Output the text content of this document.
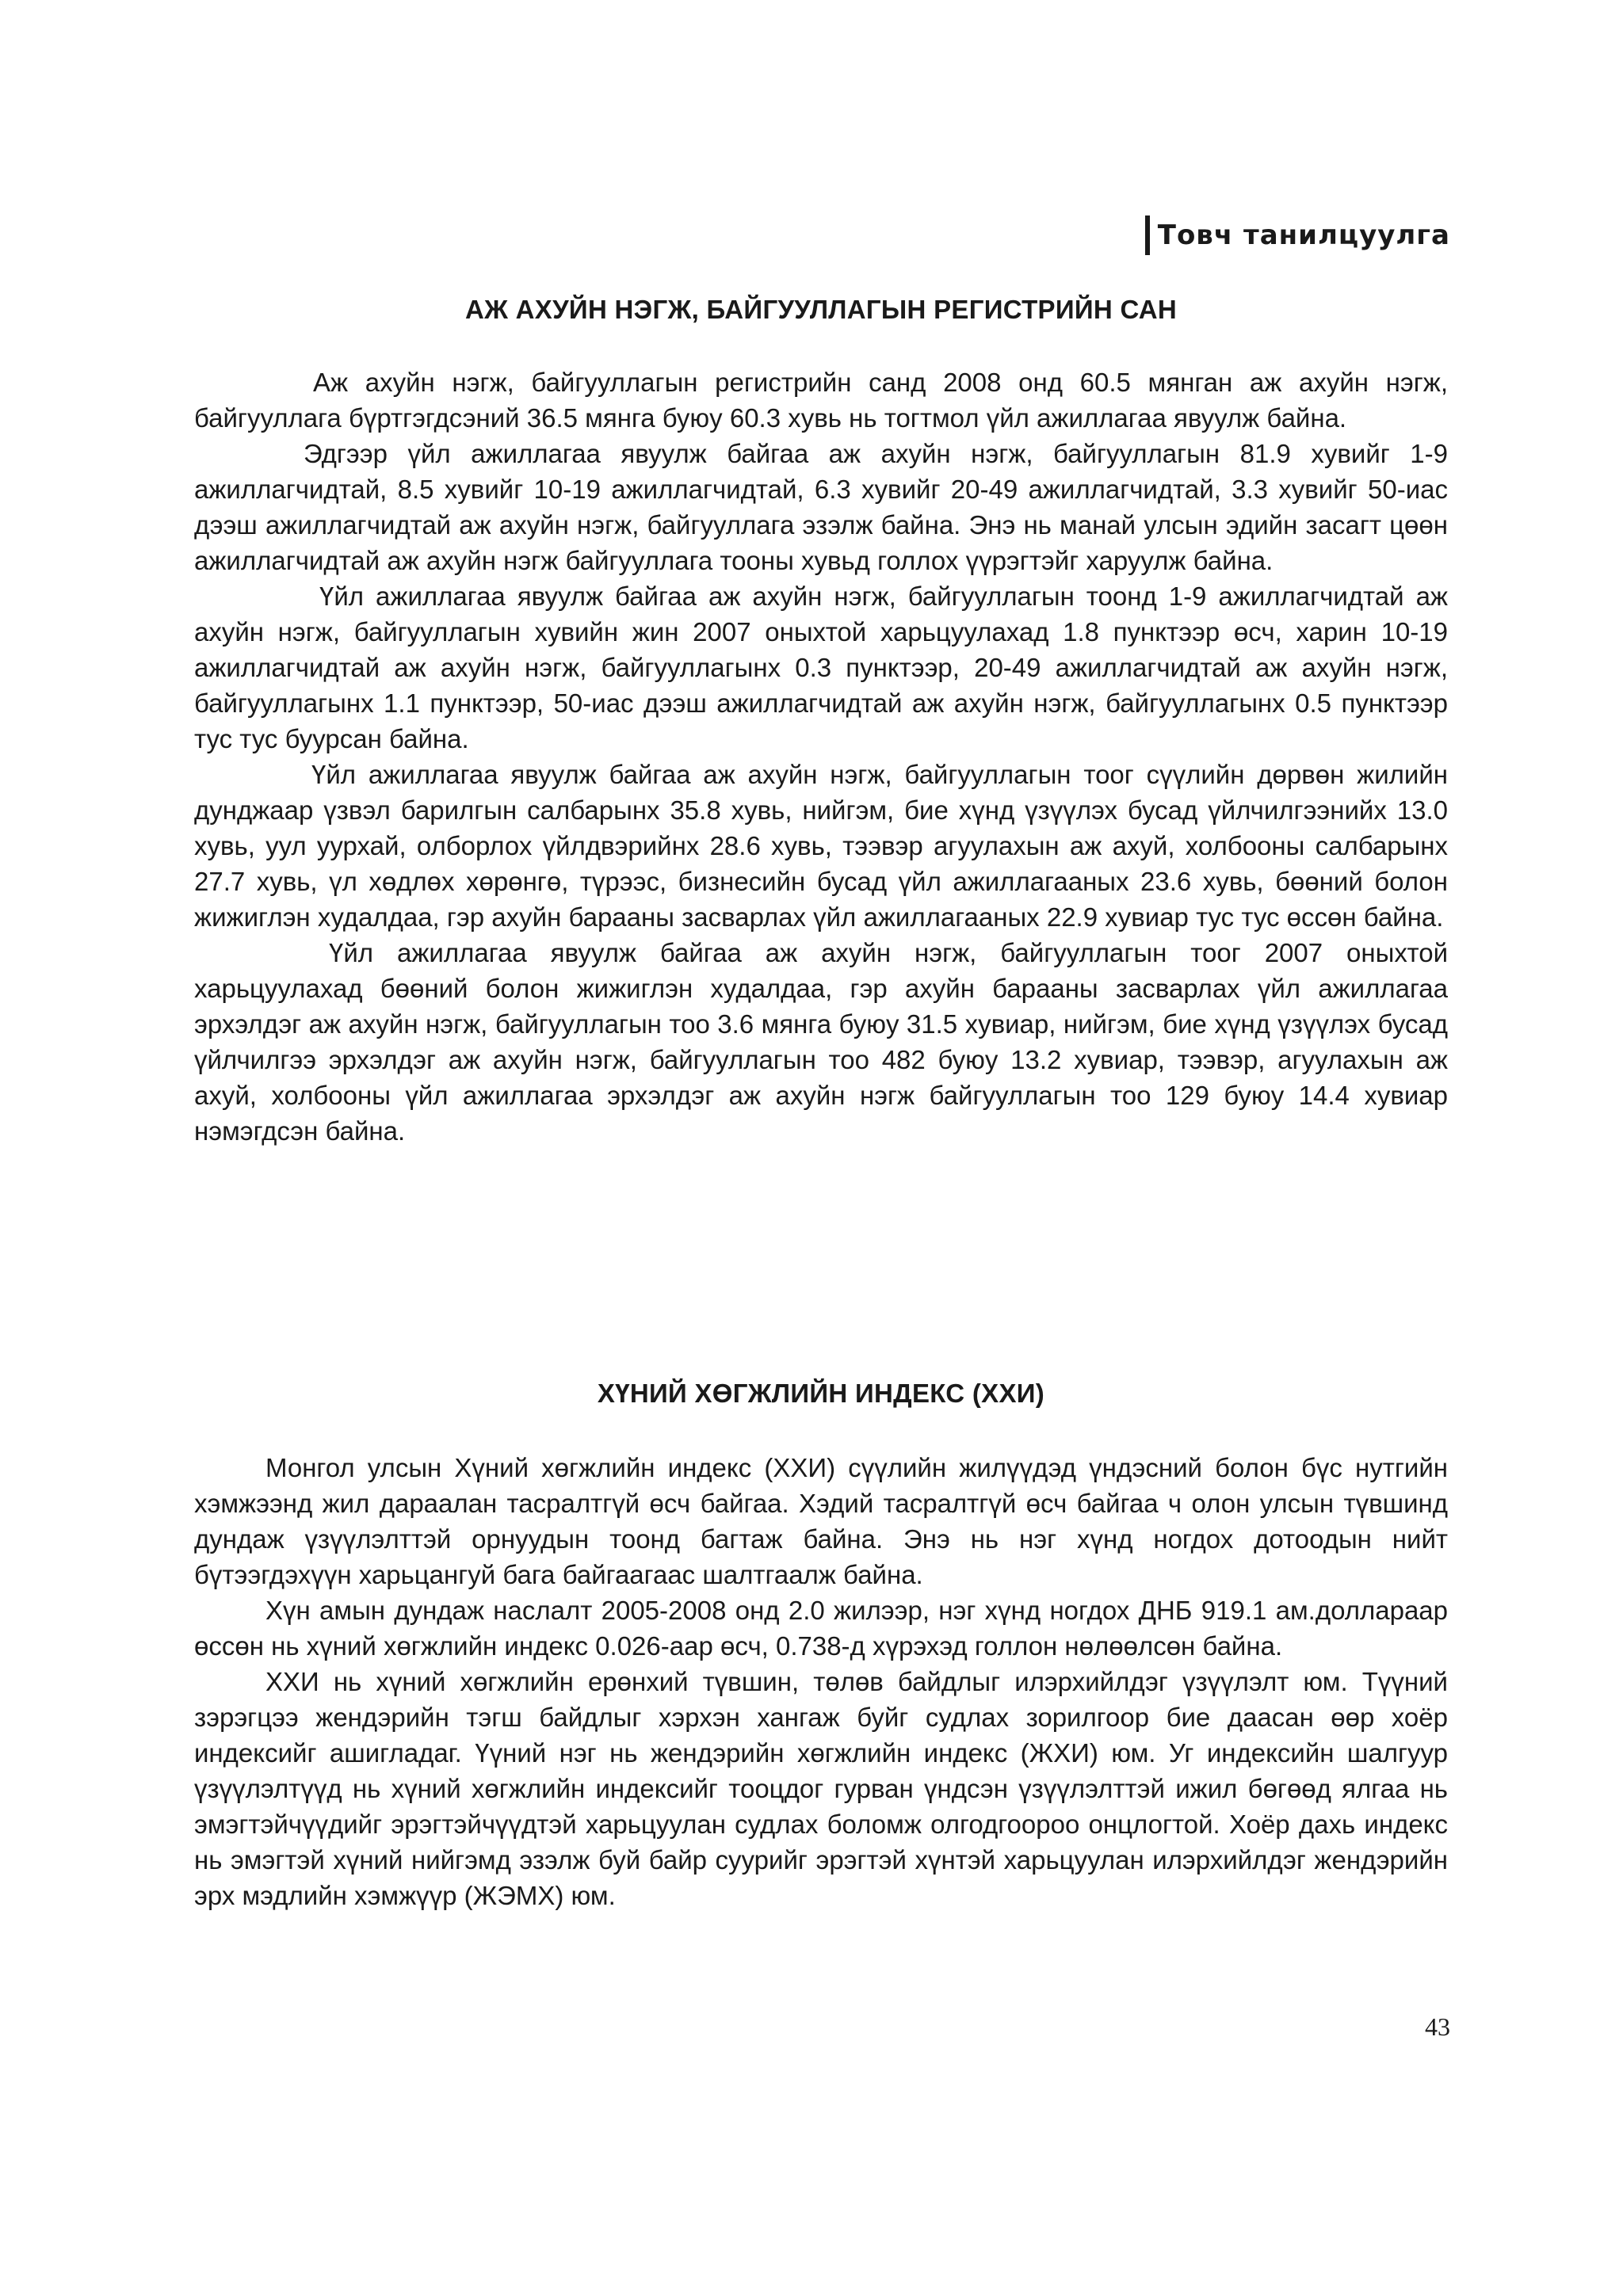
Товч танилцуулга
АЖ АХУЙН НЭГЖ, БАЙГУУЛЛАГЫН РЕГИСТРИЙН САН

Аж ахуйн нэгж, байгууллагын регистрийн санд 2008 онд 60.5 мянган аж ахуйн нэгж, байгууллага бүртгэгдсэний 36.5 мянга буюу 60.3 хувь нь тогтмол үйл ажиллагаа явуулж байна.

Эдгээр үйл ажиллагаа явуулж байгаа аж ахуйн нэгж, байгууллагын 81.9 хувийг 1-9 ажиллагчидтай, 8.5 хувийг 10-19 ажиллагчидтай, 6.3 хувийг 20-49 ажиллагчидтай, 3.3 хувийг 50-иас дээш ажиллагчидтай аж ахуйн нэгж, байгууллага эзэлж байна. Энэ нь манай улсын эдийн засагт цөөн ажиллагчидтай аж ахуйн нэгж байгууллага тооны хувьд голлох үүрэгтэйг харуулж байна.

Үйл ажиллагаа явуулж байгаа аж ахуйн нэгж, байгууллагын тоонд 1-9 ажиллагчидтай аж ахуйн нэгж, байгууллагын хувийн жин 2007 оныхтой харьцуулахад 1.8 пунктээр өсч, харин 10-19 ажиллагчидтай аж ахуйн нэгж, байгууллагынх 0.3 пунктээр, 20-49 ажиллагчидтай аж ахуйн нэгж, байгууллагынх 1.1 пунктээр, 50-иас дээш ажиллагчидтай аж ахуйн нэгж, байгууллагынх 0.5 пунктээр тус тус буурсан байна.

Үйл ажиллагаа явуулж байгаа аж ахуйн нэгж, байгууллагын тоог сүүлийн дөрвөн жилийн дунджаар үзвэл барилгын салбарынх 35.8 хувь, нийгэм, бие хүнд үзүүлэх бусад үйлчилгээнийх 13.0 хувь, уул уурхай, олборлох үйлдвэрийнх 28.6 хувь, тээвэр агуулахын аж ахуй, холбооны салбарынх 27.7 хувь, үл хөдлөх хөрөнгө, түрээс, бизнесийн бусад үйл ажиллагааных 23.6 хувь, бөөний болон жижиглэн худалдаа, гэр ахуйн барааны засварлах үйл ажиллагааных 22.9 хувиар тус тус өссөн байна.

Үйл ажиллагаа явуулж байгаа аж ахуйн нэгж, байгууллагын тоог 2007 оныхтой харьцуулахад бөөний болон жижиглэн худалдаа, гэр ахуйн барааны засварлах үйл ажиллагаа эрхэлдэг аж ахуйн нэгж, байгууллагын тоо 3.6 мянга буюу 31.5 хувиар, нийгэм, бие хүнд үзүүлэх бусад үйлчилгээ эрхэлдэг аж ахуйн нэгж, байгууллагын тоо 482 буюу 13.2 хувиар, тээвэр, агуулахын аж ахуй, холбооны үйл ажиллагаа эрхэлдэг аж ахуйн нэгж байгууллагын тоо 129 буюу 14.4 хувиар нэмэгдсэн байна.

ХҮНИЙ ХӨГЖЛИЙН ИНДЕКС (ХХИ)

Монгол улсын Хүний хөгжлийн индекс (ХХИ) сүүлийн жилүүдэд үндэсний болон бүс нутгийн хэмжээнд жил дараалан тасралтгүй өсч байгаа. Хэдий тасралтгүй өсч байгаа ч олон улсын түвшинд дундаж үзүүлэлттэй орнуудын тоонд багтаж байна. Энэ нь нэг хүнд ногдох дотоодын нийт бүтээгдэхүүн харьцангуй бага байгаагаас шалтгаалж байна.

Хүн амын дундаж наслалт 2005-2008 онд 2.0 жилээр, нэг хүнд ногдох ДНБ 919.1 ам.доллараар өссөн нь хүний хөгжлийн индекс 0.026-аар өсч, 0.738-д хүрэхэд голлон нөлөөлсөн байна.

ХХИ нь хүний хөгжлийн ерөнхий түвшин, төлөв байдлыг илэрхийлдэг үзүүлэлт юм. Түүний зэрэгцээ жендэрийн тэгш байдлыг хэрхэн хангаж буйг судлах зорилгоор бие даасан өөр хоёр индексийг ашигладаг. Үүний нэг нь жендэрийн хөгжлийн индекс (ЖХИ) юм. Уг индексийн шалгуур үзүүлэлтүүд нь хүний хөгжлийн индексийг тооцдог гурван үндсэн үзүүлэлттэй ижил бөгөөд ялгаа нь эмэгтэйчүүдийг эрэгтэйчүүдтэй харьцуулан судлах боломж олгодгоороо онцлогтой. Хоёр дахь индекс нь эмэгтэй хүний нийгэмд эзэлж буй байр суурийг эрэгтэй хүнтэй харьцуулан илэрхийлдэг жендэрийн эрх мэдлийн хэмжүүр (ЖЭМХ) юм.

43
